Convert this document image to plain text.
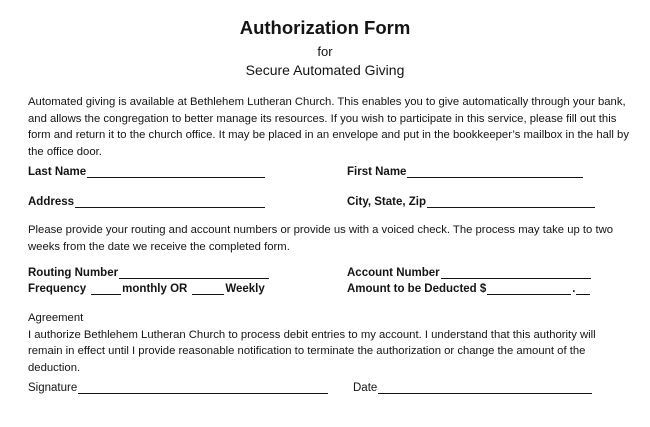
Authorization Form
for
Secure Automated Giving
Automated giving is available at Bethlehem Lutheran Church. This enables you to give automatically through your bank,
and allows the congregation to better manage its resources. If you wish to participate in this service, please fill out this
form and return it to the church office. It may be placed in an envelope and put in the bookkeeper’s mailbox in the hall by
the office door.
Last Name	First Name
Address	City, State, Zip
Please provide your routing and account numbers or provide us with a voiced check. The process may take up to two
weeks from the date we receive the completed form.
Routing Number	Account Number
Frequency	monthly OR	Weekly	Amount to be Deducted $	.
Agreement
I authorize Bethlehem Lutheran Church to process debit entries to my account. I understand that this authority will
remain in effect until I provide reasonable notification to terminate the authorization or change the amount of the
deduction.
Signature	Date
